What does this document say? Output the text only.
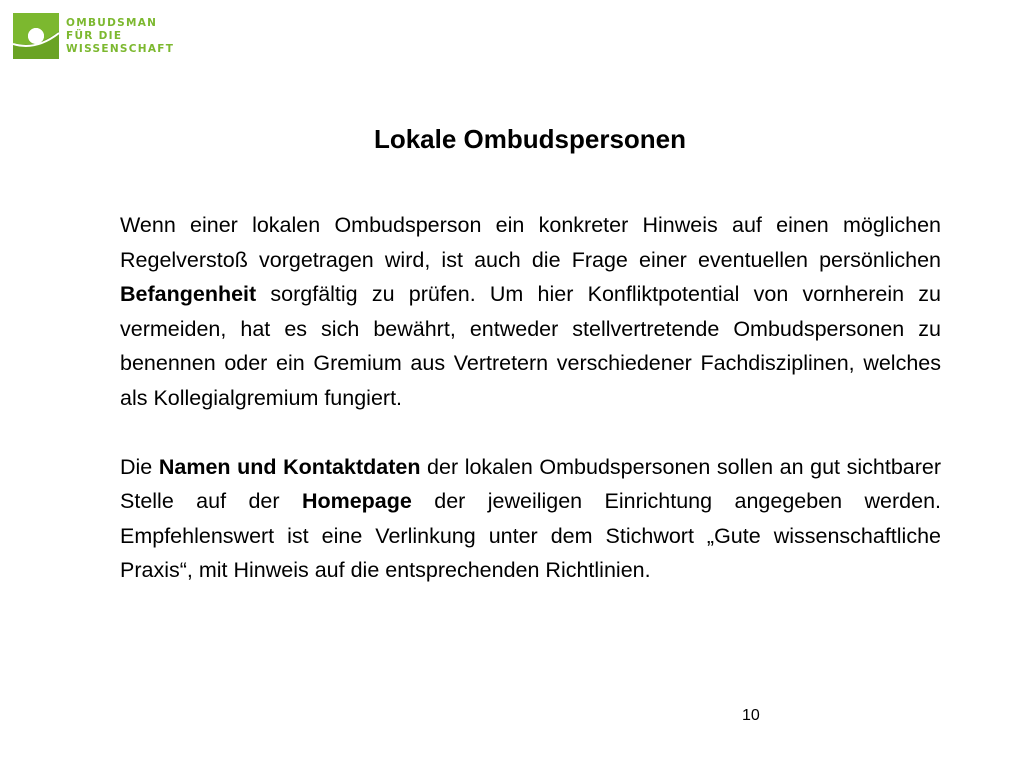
OMBUDSMAN
FÜR DIE
WISSENSCHAFT
Lokale Ombudspersonen

Wenn einer lokalen Ombudsperson ein konkreter Hinweis auf einen möglichen Regelverstoß vorgetragen wird, ist auch die Frage einer eventuellen persönlichen Befangenheit sorgfältig zu prüfen. Um hier Konfliktpotential von vornherein zu vermeiden, hat es sich bewährt, entweder stellvertretende Ombudspersonen zu benennen oder ein Gremium aus Vertretern verschiedener Fachdisziplinen, welches als Kollegialgremium fungiert.

Die Namen und Kontaktdaten der lokalen Ombudspersonen sollen an gut sichtbarer Stelle auf der Homepage der jeweiligen Einrichtung angegeben werden. Empfehlenswert ist eine Verlinkung unter dem Stichwort „Gute wissenschaftliche Praxis“, mit Hinweis auf die entsprechenden Richtlinien.

10
